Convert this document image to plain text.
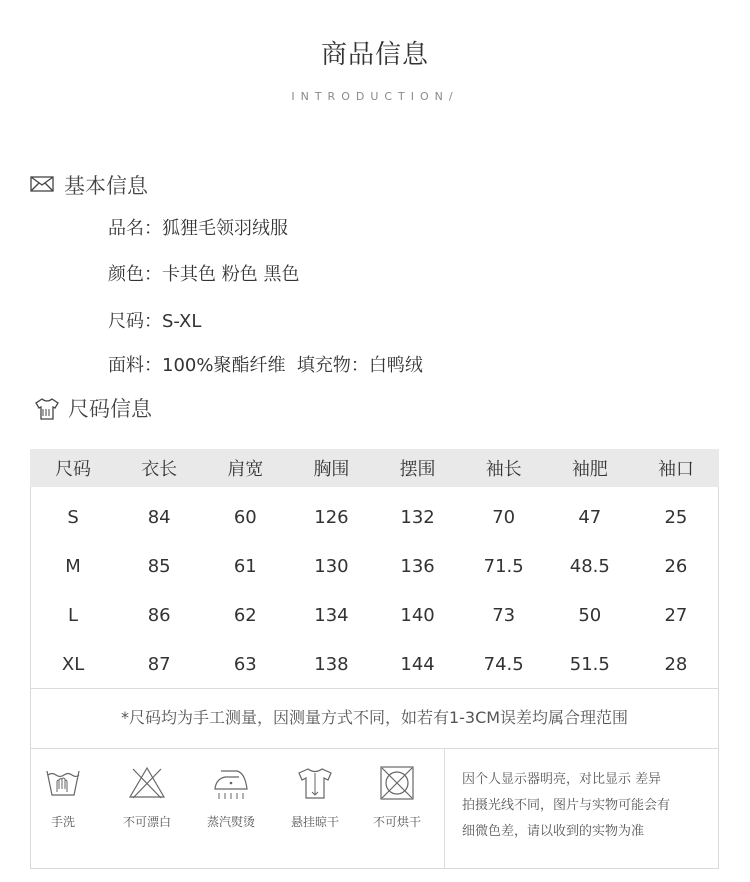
商品信息
INTRODUCTION/
基本信息
品名：狐狸毛领羽绒服
颜色：卡其色 粉色 黑色
尺码：S-XL
面料：100%聚酯纤维  填充物：白鸭绒
尺码信息
尺码	衣长	肩宽	胸围	摆围	袖长	袖肥	袖口
S	84	60	126	132	70	47	25
M	85	61	130	136	71.5	48.5	26
L	86	62	134	140	73	50	27
XL	87	63	138	144	74.5	51.5	28
*尺码均为手工测量，因测量方式不同，如若有1-3CM误差均属合理范围
手洗	不可漂白	蒸汽熨烫	悬挂晾干	不可烘干
因个人显示器明亮，对比显示 差异
拍摄光线不同，图片与实物可能会有
细微色差，请以收到的实物为准
